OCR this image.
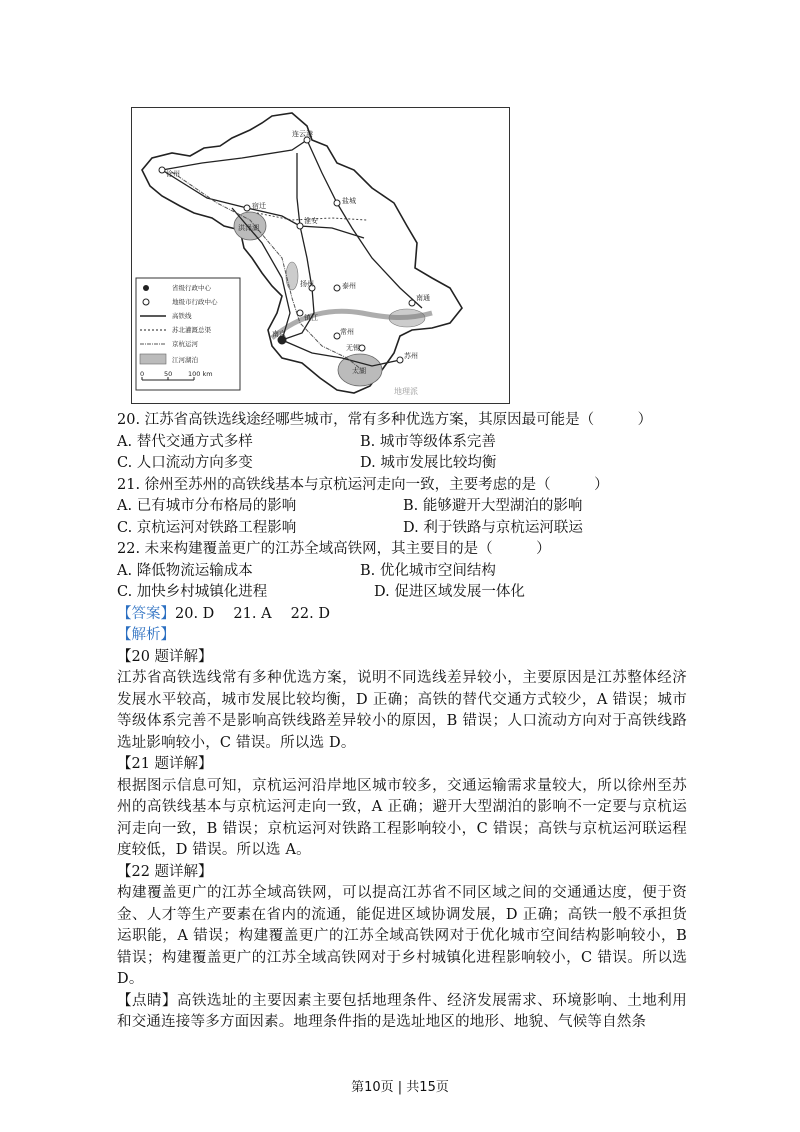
连云港
徐州
宿迁
淮安
盐城
扬州	泰州
南通
镇江
南京	常州
无锡
苏州
洪泽湖
太湖
省级行政中心
地级市行政中心
高铁线
苏北灌溉总渠
京杭运河
江河湖泊
0	50 100 km
地理派
20. 江苏省高铁选线途经哪些城市，常有多种优选方案，其原因最可能是（　　　）
A. 替代交通方式多样	B. 城市等级体系完善
C. 人口流动方向多变	D. 城市发展比较均衡
21. 徐州至苏州的高铁线基本与京杭运河走向一致，主要考虑的是（　　　）
A. 已有城市分布格局的影响	B. 能够避开大型湖泊的影响
C. 京杭运河对铁路工程影响	D. 利于铁路与京杭运河联运
22. 未来构建覆盖更广的江苏全域高铁网，其主要目的是（　　　）
A. 降低物流运输成本	B. 优化城市空间结构
C. 加快乡村城镇化进程	D. 促进区域发展一体化
【答案】20. D　 21. A　 22. D
【解析】
【20 题详解】
江苏省高铁选线常有多种优选方案，说明不同选线差异较小，主要原因是江苏整体经济发展水平较高，城市发展比较均衡，D 正确；高铁的替代交通方式较少，A 错误；城市等级体系完善不是影响高铁线路差异较小的原因，B 错误；人口流动方向对于高铁线路选址影响较小，C 错误。所以选 D。
【21 题详解】
根据图示信息可知，京杭运河沿岸地区城市较多，交通运输需求量较大，所以徐州至苏州的高铁线基本与京杭运河走向一致，A 正确；避开大型湖泊的影响不一定要与京杭运河走向一致，B 错误；京杭运河对铁路工程影响较小，C 错误；高铁与京杭运河联运程度较低，D 错误。所以选 A。
【22 题详解】
构建覆盖更广的江苏全域高铁网，可以提高江苏省不同区域之间的交通通达度，便于资金、人才等生产要素在省内的流通，能促进区域协调发展，D 正确；高铁一般不承担货运职能，A 错误；构建覆盖更广的江苏全域高铁网对于优化城市空间结构影响较小，B 错误；构建覆盖更广的江苏全域高铁网对于乡村城镇化进程影响较小，C 错误。所以选 D。
【点睛】高铁选址的主要因素主要包括地理条件、经济发展需求、环境影响、土地利用和交通连接等多方面因素。地理条件指的是选址地区的地形、地貌、气候等自然条
第10页 | 共15页
